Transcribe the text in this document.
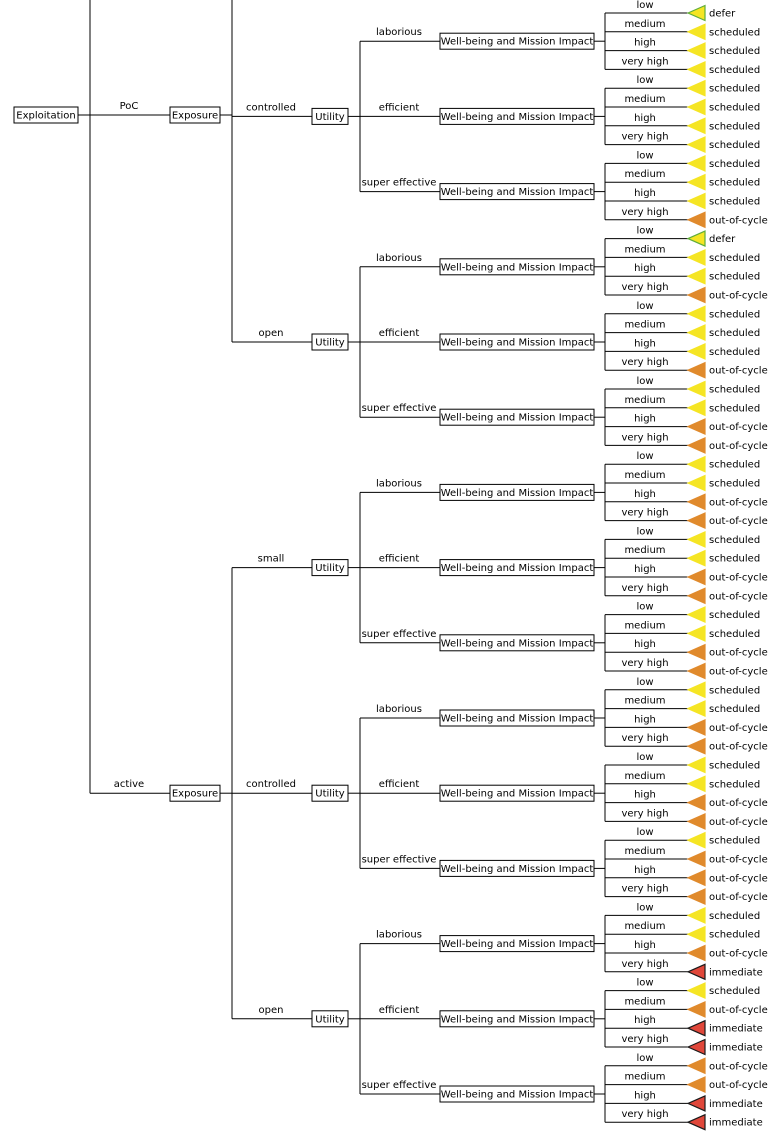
Exploitation
low
defer
medium
scheduled
high
scheduled
very high
scheduled
Well-being and Mission Impact
laborious
low
scheduled
medium
scheduled
high
scheduled
very high
scheduled
Well-being and Mission Impact
efficient
low
scheduled
medium
scheduled
high
scheduled
very high
out-of-cycle
Well-being and Mission Impact
super effective
Utility
controlled
low
defer
medium
scheduled
high
scheduled
very high
out-of-cycle
Well-being and Mission Impact
laborious
low
scheduled
medium
scheduled
high
scheduled
very high
out-of-cycle
Well-being and Mission Impact
efficient
low
scheduled
medium
scheduled
high
out-of-cycle
very high
out-of-cycle
Well-being and Mission Impact
super effective
Utility
open
Exposure
PoC
low
scheduled
medium
scheduled
high
out-of-cycle
very high
out-of-cycle
Well-being and Mission Impact
laborious
low
scheduled
medium
scheduled
high
out-of-cycle
very high
out-of-cycle
Well-being and Mission Impact
efficient
low
scheduled
medium
scheduled
high
out-of-cycle
very high
out-of-cycle
Well-being and Mission Impact
super effective
Utility
small
low
scheduled
medium
scheduled
high
out-of-cycle
very high
out-of-cycle
Well-being and Mission Impact
laborious
low
scheduled
medium
scheduled
high
out-of-cycle
very high
out-of-cycle
Well-being and Mission Impact
efficient
low
scheduled
medium
out-of-cycle
high
out-of-cycle
very high
out-of-cycle
Well-being and Mission Impact
super effective
Utility
controlled
low
scheduled
medium
scheduled
high
out-of-cycle
very high
immediate
Well-being and Mission Impact
laborious
low
scheduled
medium
out-of-cycle
high
immediate
very high
immediate
Well-being and Mission Impact
efficient
low
out-of-cycle
medium
out-of-cycle
high
immediate
very high
immediate
Well-being and Mission Impact
super effective
Utility
open
Exposure
active
